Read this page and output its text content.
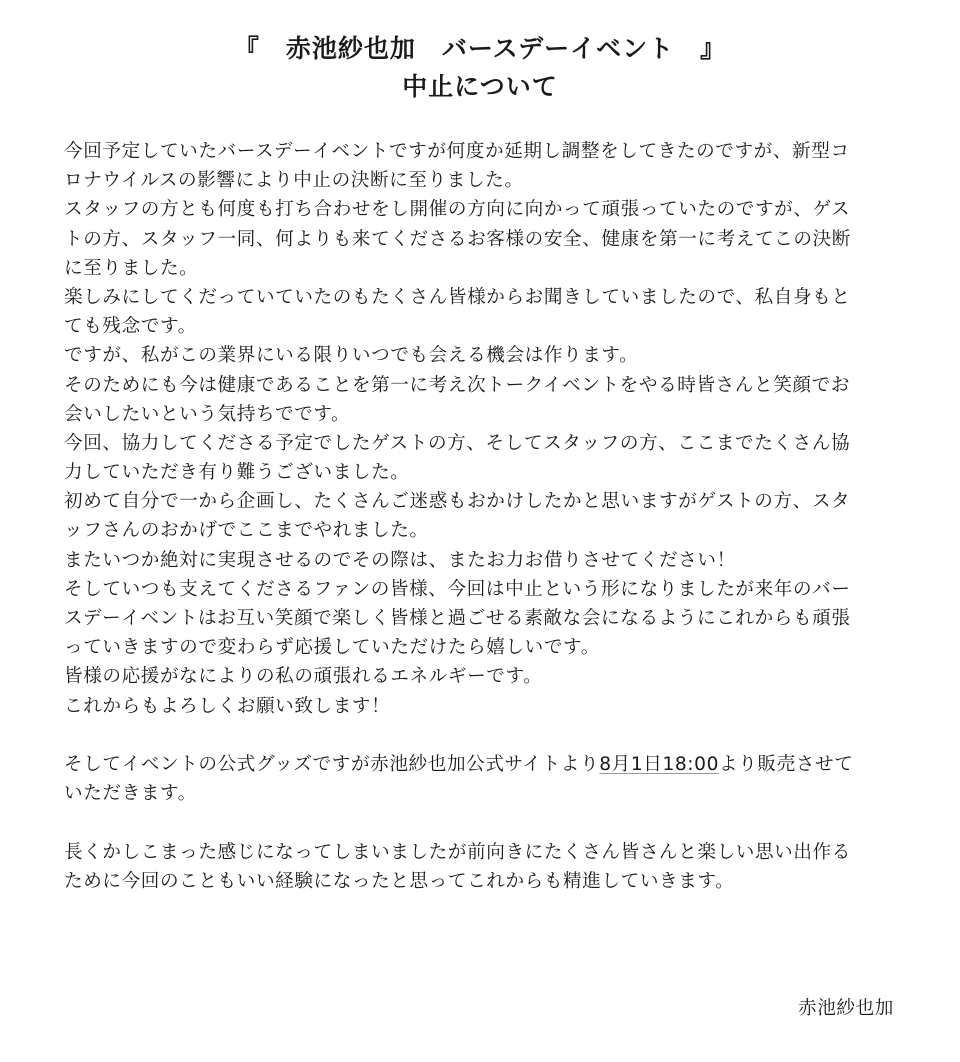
『　赤池紗也加　バースデーイベント　』
中止について
今回予定していたバースデーイベントですが何度か延期し調整をしてきたのですが、新型コ
ロナウイルスの影響により中止の決断に至りました。
スタッフの方とも何度も打ち合わせをし開催の方向に向かって頑張っていたのですが、ゲス
トの方、スタッフ一同、何よりも来てくださるお客様の安全、健康を第一に考えてこの決断
に至りました。
楽しみにしてくだっていていたのもたくさん皆様からお聞きしていましたので、私自身もと
ても残念です。
ですが、私がこの業界にいる限りいつでも会える機会は作ります。
そのためにも今は健康であることを第一に考え次トークイベントをやる時皆さんと笑顔でお
会いしたいという気持ちでです。
今回、協力してくださる予定でしたゲストの方、そしてスタッフの方、ここまでたくさん協
力していただき有り難うございました。
初めて自分で一から企画し、たくさんご迷惑もおかけしたかと思いますがゲストの方、スタ
ッフさんのおかげでここまでやれました。
またいつか絶対に実現させるのでその際は、またお力お借りさせてください！
そしていつも支えてくださるファンの皆様、今回は中止という形になりましたが来年のバー
スデーイベントはお互い笑顔で楽しく皆様と過ごせる素敵な会になるようにこれからも頑張
っていきますので変わらず応援していただけたら嬉しいです。
皆様の応援がなによりの私の頑張れるエネルギーです。
これからもよろしくお願い致します！
そしてイベントの公式グッズですが赤池紗也加公式サイトより8月1日18:00より販売させて
いただきます。
長くかしこまった感じになってしまいましたが前向きにたくさん皆さんと楽しい思い出作る
ために今回のこともいい経験になったと思ってこれからも精進していきます。

赤池紗也加
